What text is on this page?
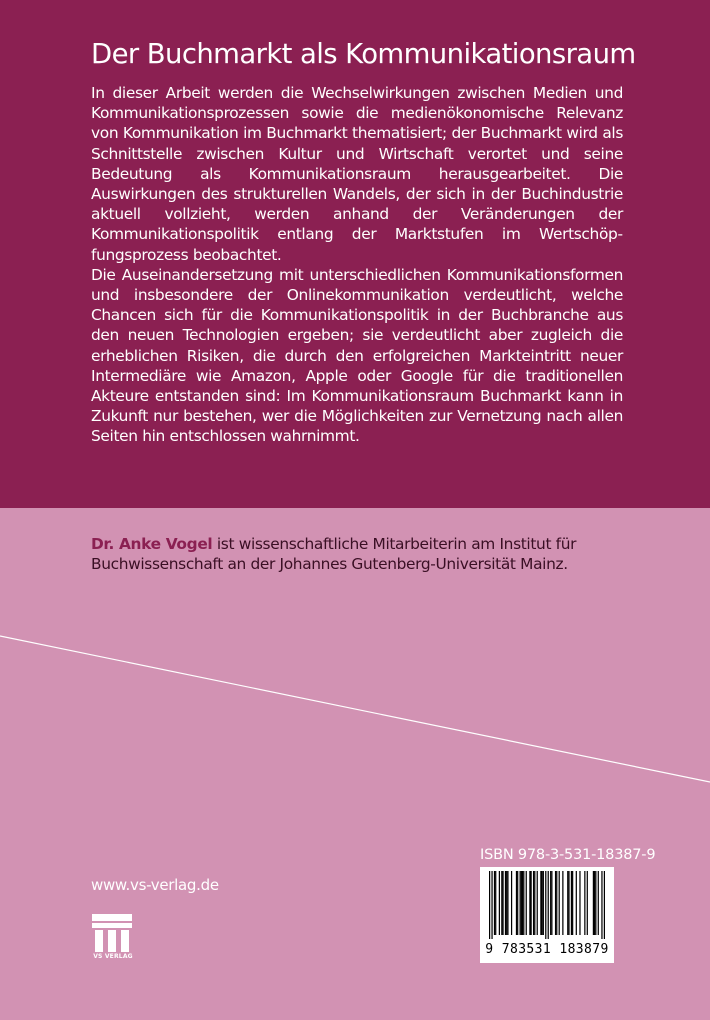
Der Buchmarkt als Kommunikationsraum

In dieser Arbeit werden die Wechselwirkungen zwischen Medien und Kommunikationsprozessen sowie die medienökonomische Relevanz von Kommunikation im Buchmarkt thematisiert; der Buchmarkt wird als Schnittstelle zwischen Kultur und Wirtschaft verortet und seine Bedeutung als Kommunikationsraum herausgearbeitet. Die Auswirkungen des strukturellen Wandels, der sich in der Buchindustrie aktuell vollzieht, werden anhand der Veränderungen der Kommunikationspolitik entlang der Marktstufen im Wertschöpfungsprozess beobachtet.

Die Auseinandersetzung mit unterschiedlichen Kommunikationsformen und insbesondere der Onlinekommunikation verdeutlicht, welche Chancen sich für die Kommunikationspolitik in der Buchbranche aus den neuen Technologien ergeben; sie verdeutlicht aber zugleich die erheblichen Risiken, die durch den erfolgreichen Markteintritt neuer Intermediäre wie Amazon, Apple oder Google für die traditionellen Akteure entstanden sind: Im Kommunikationsraum Buchmarkt kann in Zukunft nur bestehen, wer die Möglichkeiten zur Vernetzung nach allen Seiten hin entschlossen wahrnimmt.

Dr. Anke Vogel ist wissenschaftliche Mitarbeiterin am Institut für Buchwissenschaft an der Johannes Gutenberg-Universität Mainz.
www.vs-verlag.de
VS VERLAG
ISBN 978-3-531-18387-9
9 783531 183879
